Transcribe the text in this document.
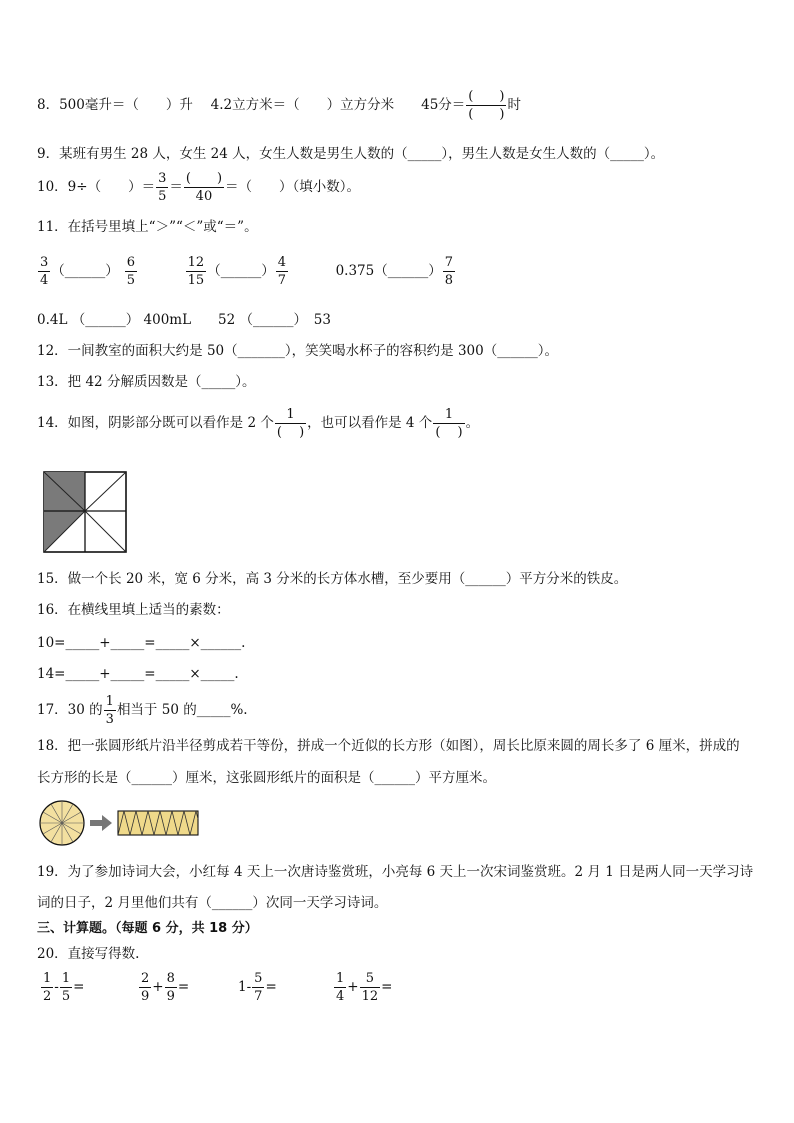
8．500毫升＝（　　）升　 4.2立方米＝（　　）立方分米　　45分＝ $\frac{( )}{( )}$ 时
9．某班有男生 28 人，女生 24 人，女生人数是男生人数的（_____），男生人数是女生人数的（_____）。
10．9÷（　　）＝ $\frac{3}{5} = \frac{( )}{40}$ ＝（　　）（填小数）。
11．在括号里填上“＞”“＜”或“＝”。
$\frac{3}{4}$ （______） $\frac{6}{5}$
	$\frac{12}{15}$ （______） $\frac{4}{7}$	0.375（______） $\frac{7}{8}$
0.4L （______） 400mL　　52 （______）　53
12．一间教室的面积大约是 50（_______），笑笑喝水杯子的容积约是 300（______）。
13．把 42 分解质因数是（_____）。
14．如图，阴影部分既可以看作是 2 个 $\frac{1}{( )}$ ，也可以看作是 4 个 $\frac{1}{( )}$ 。
15．做一个长 20 米，宽 6 分米，高 3 分米的长方体水槽，至少要用（______）平方分米的铁皮。
16．在横线里填上适当的素数：
10=_____+_____=_____×______.
14=_____+_____=_____×_____.
17．30 的 $\frac{1}{3}$ 相当于 50 的_____%.
18．把一张圆形纸片沿半径剪成若干等份，拼成一个近似的长方形（如图），周长比原来圆的周长多了 6 厘米，拼成的
长方形的长是（______）厘米，这张圆形纸片的面积是（______）平方厘米。
19．为了参加诗词大会，小红每 4 天上一次唐诗鉴赏班，小亮每 6 天上一次宋词鉴赏班。2 月 1 日是两人同一天学习诗
词的日子，2 月里他们共有（______）次同一天学习诗词。
三、计算题。（每题 6 分，共 18 分）
20．直接写得数.
$\frac{1}{2} - \frac{1}{5}$ =	$\frac{2}{9} + \frac{8}{9}$ =	$1- \frac{5}{7}$ =	$\frac{1}{4} + \frac{5}{12}$ =
